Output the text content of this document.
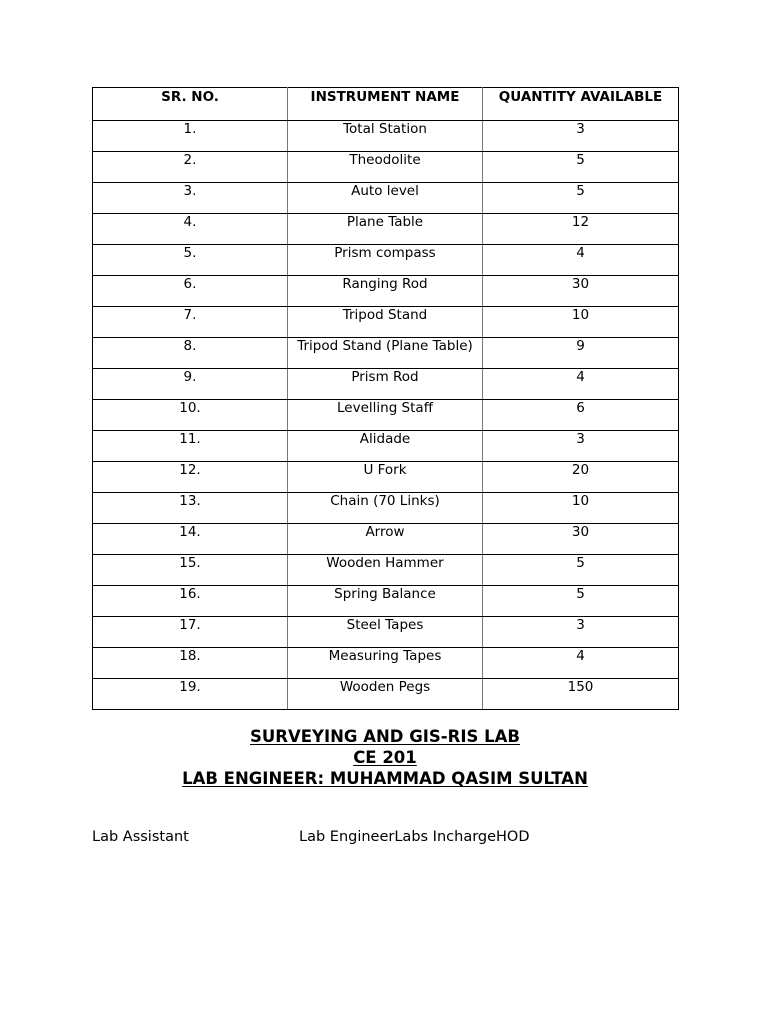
SR. NO.	INSTRUMENT NAME	QUANTITY AVAILABLE
1.	Total Station	3
2.	Theodolite	5
3.	Auto level	5
4.	Plane Table	12
5.	Prism compass	4
6.	Ranging Rod	30
7.	Tripod Stand	10
8.	Tripod Stand (Plane Table)	9
9.	Prism Rod	4
10.	Levelling Staff	6
11.	Alidade	3
12.	U Fork	20
13.	Chain (70 Links)	10
14.	Arrow	30
15.	Wooden Hammer	5
16.	Spring Balance	5
17.	Steel Tapes	3
18.	Measuring Tapes	4
19.	Wooden Pegs	150
SURVEYING AND GIS-RIS LAB
CE 201
LAB ENGINEER: MUHAMMAD QASIM SULTAN
Lab Assistant	Lab EngineerLabs InchargeHOD
